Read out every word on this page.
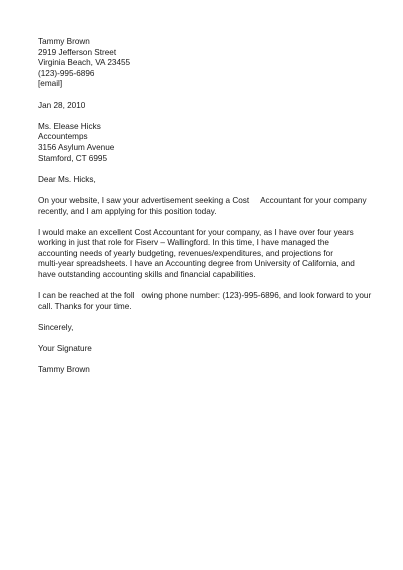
Tammy Brown
2919 Jefferson Street
Virginia Beach, VA 23455
(123)-995-6896
[email]
Jan 28, 2010
Ms. Elease Hicks
Accountemps
3156 Asylum Avenue
Stamford, CT 6995
Dear Ms. Hicks,
On your website, I saw your advertisement seeking a Cost     Accountant for your company
recently, and I am applying for this position today.
I would make an excellent Cost Accountant for your company, as I have over four years
working in just that role for Fiserv – Wallingford. In this time, I have managed the
accounting needs of yearly budgeting, revenues/expenditures, and projections for
multi-year spreadsheets. I have an Accounting degree from University of California, and
have outstanding accounting skills and financial capabilities.
I can be reached at the foll   owing phone number: (123)-995-6896, and look forward to your
call. Thanks for your time.
Sincerely,
Your Signature
Tammy Brown
